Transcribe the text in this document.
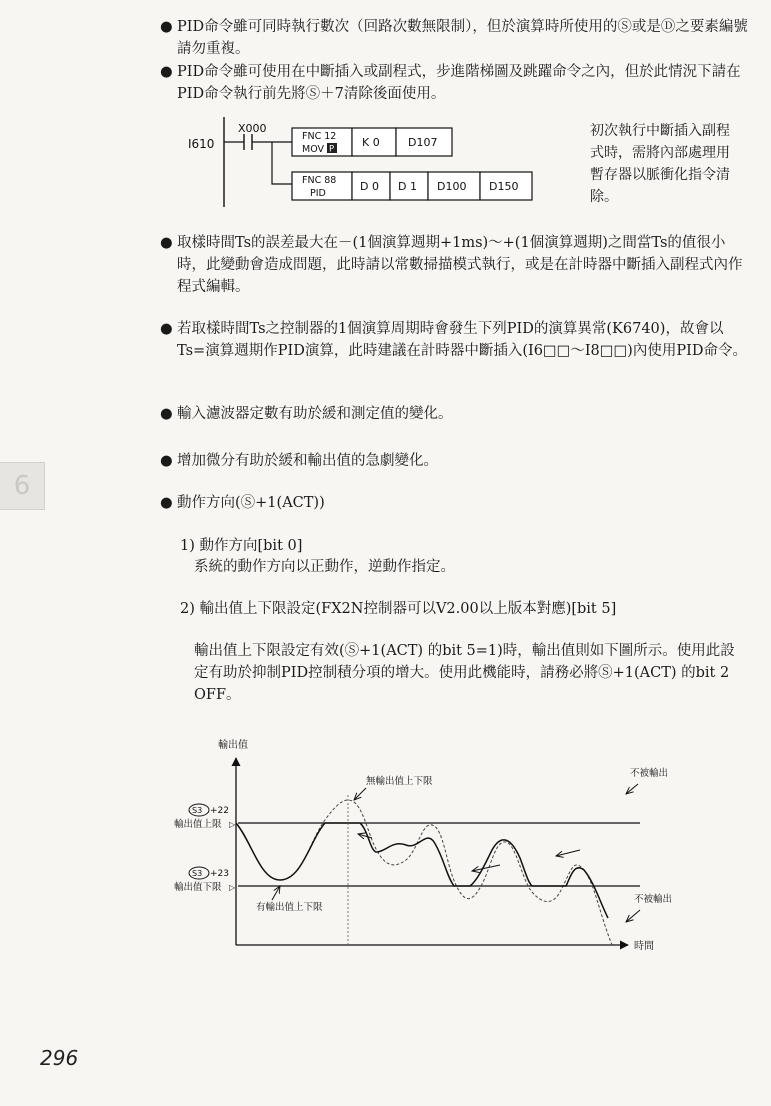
6
● PID命令雖可同時執行數次（回路次數無限制），但於演算時所使用的Ⓢ或是Ⓓ之要素編號請勿重複。
● PID命令雖可使用在中斷插入或副程式，步進階梯圖及跳躍命令之內，但於此情況下請在PID命令執行前先將Ⓢ＋7清除後面使用。
I610
X000
FNC 12
MOV P
K 0	D107
FNC 88
PID
D 0 D 1 D100 D150
初次執行中斷插入副程
式時，需將內部處理用
暫存器以脈衝化指令清
除。
● 取樣時間Ts的誤差最大在－(1個演算週期+1ms)～+(1個演算週期)之間當Ts的值很小時，此變動會造成問題，此時請以常數掃描模式執行，或是在計時器中斷插入副程式內作程式編輯。
● 若取樣時間Ts之控制器的1個演算周期時會發生下列PID的演算異常(K6740)，故會以Ts=演算週期作PID演算，此時建議在計時器中斷插入(I6□□～I8□□)內使用PID命令。
● 輸入濾波器定數有助於緩和測定值的變化。
● 增加微分有助於緩和輸出值的急劇變化。
● 動作方向(Ⓢ+1(ACT))
1) 動作方向[bit 0]
系統的動作方向以正動作，逆動作指定。
2) 輸出值上下限設定(FX2N控制器可以V2.00以上版本對應)[bit 5]
輸出值上下限設定有效(Ⓢ+1(ACT) 的bit 5=1)時，輸出值則如下圖所示。使用此設
定有助於抑制PID控制積分項的增大。使用此機能時，請務必將Ⓢ+1(ACT) 的bit 2
OFF。
輸出值
時間
S3 +22
輸出值上限 ▷
S3 +23
輸出值下限 ▷
無輸出值上下限
有輸出值上下限
不被輸出
不被輸出
296
